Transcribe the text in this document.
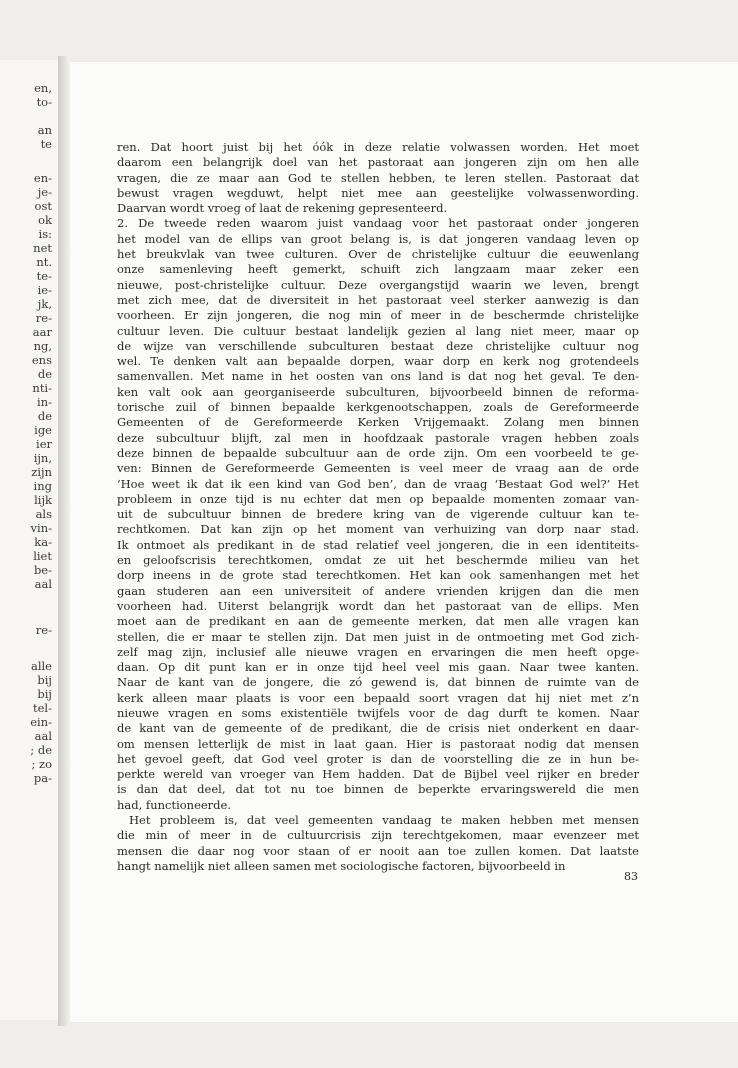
en,
to-
an
te
en-
je-
ost
ok
is:
net
nt.
te-
ie-
jk,
re-
aar
ng,
ens
de
nti-
in-
de
ige
ier
ijn,
zijn
ing
lijk
als
vin-
ka-
liet
be-
aal
re-
alle
bij
bij
tel-
ein-
aal
; de
; zo
pa-

ren. Dat hoort juist bij het óók in deze relatie volwassen worden. Het moet

daarom een belangrijk doel van het pastoraat aan jongeren zijn om hen alle

vragen, die ze maar aan God te stellen hebben, te leren stellen. Pastoraat dat

bewust vragen wegduwt, helpt niet mee aan geestelijke volwassenwording.

Daarvan wordt vroeg of laat de rekening gepresenteerd.

2. De tweede reden waarom juist vandaag voor het pastoraat onder jongeren

het model van de ellips van groot belang is, is dat jongeren vandaag leven op

het breukvlak van twee culturen. Over de christelijke cultuur die eeuwenlang

onze samenleving heeft gemerkt, schuift zich langzaam maar zeker een

nieuwe, post-christelijke cultuur. Deze overgangstijd waarin we leven, brengt

met zich mee, dat de diversiteit in het pastoraat veel sterker aanwezig is dan

voorheen. Er zijn jongeren, die nog min of meer in de beschermde christelijke

cultuur leven. Die cultuur bestaat landelijk gezien al lang niet meer, maar op

de wijze van verschillende subculturen bestaat deze christelijke cultuur nog

wel. Te denken valt aan bepaalde dorpen, waar dorp en kerk nog grotendeels

samenvallen. Met name in het oosten van ons land is dat nog het geval. Te den-

ken valt ook aan georganiseerde subculturen, bijvoorbeeld binnen de reforma-

torische zuil of binnen bepaalde kerkgenootschappen, zoals de Gereformeerde

Gemeenten of de Gereformeerde Kerken Vrijgemaakt. Zolang men binnen

deze subcultuur blijft, zal men in hoofdzaak pastorale vragen hebben zoals

deze binnen de bepaalde subcultuur aan de orde zijn. Om een voorbeeld te ge-

ven: Binnen de Gereformeerde Gemeenten is veel meer de vraag aan de orde

‘Hoe weet ik dat ik een kind van God ben’, dan de vraag ‘Bestaat God wel?’ Het

probleem in onze tijd is nu echter dat men op bepaalde momenten zomaar van-

uit de subcultuur binnen de bredere kring van de vigerende cultuur kan te-

rechtkomen. Dat kan zijn op het moment van verhuizing van dorp naar stad.

Ik ontmoet als predikant in de stad relatief veel jongeren, die in een identiteits-

en geloofscrisis terechtkomen, omdat ze uit het beschermde milieu van het

dorp ineens in de grote stad terechtkomen. Het kan ook samenhangen met het

gaan studeren aan een universiteit of andere vrienden krijgen dan die men

voorheen had. Uiterst belangrijk wordt dan het pastoraat van de ellips. Men

moet aan de predikant en aan de gemeente merken, dat men alle vragen kan

stellen, die er maar te stellen zijn. Dat men juist in de ontmoeting met God zich-

zelf mag zijn, inclusief alle nieuwe vragen en ervaringen die men heeft opge-

daan. Op dit punt kan er in onze tijd heel veel mis gaan. Naar twee kanten.

Naar de kant van de jongere, die zó gewend is, dat binnen de ruimte van de

kerk alleen maar plaats is voor een bepaald soort vragen dat hij niet met z’n

nieuwe vragen en soms existentiële twijfels voor de dag durft te komen. Naar

de kant van de gemeente of de predikant, die de crisis niet onderkent en daar-

om mensen letterlijk de mist in laat gaan. Hier is pastoraat nodig dat mensen

het gevoel geeft, dat God veel groter is dan de voorstelling die ze in hun be-

perkte wereld van vroeger van Hem hadden. Dat de Bijbel veel rijker en breder

is dan dat deel, dat tot nu toe binnen de beperkte ervaringswereld die men

had, functioneerde.

Het probleem is, dat veel gemeenten vandaag te maken hebben met mensen

die min of meer in de cultuurcrisis zijn terechtgekomen, maar evenzeer met

mensen die daar nog voor staan of er nooit aan toe zullen komen. Dat laatste

hangt namelijk niet alleen samen met sociologische factoren, bijvoorbeeld in

83
